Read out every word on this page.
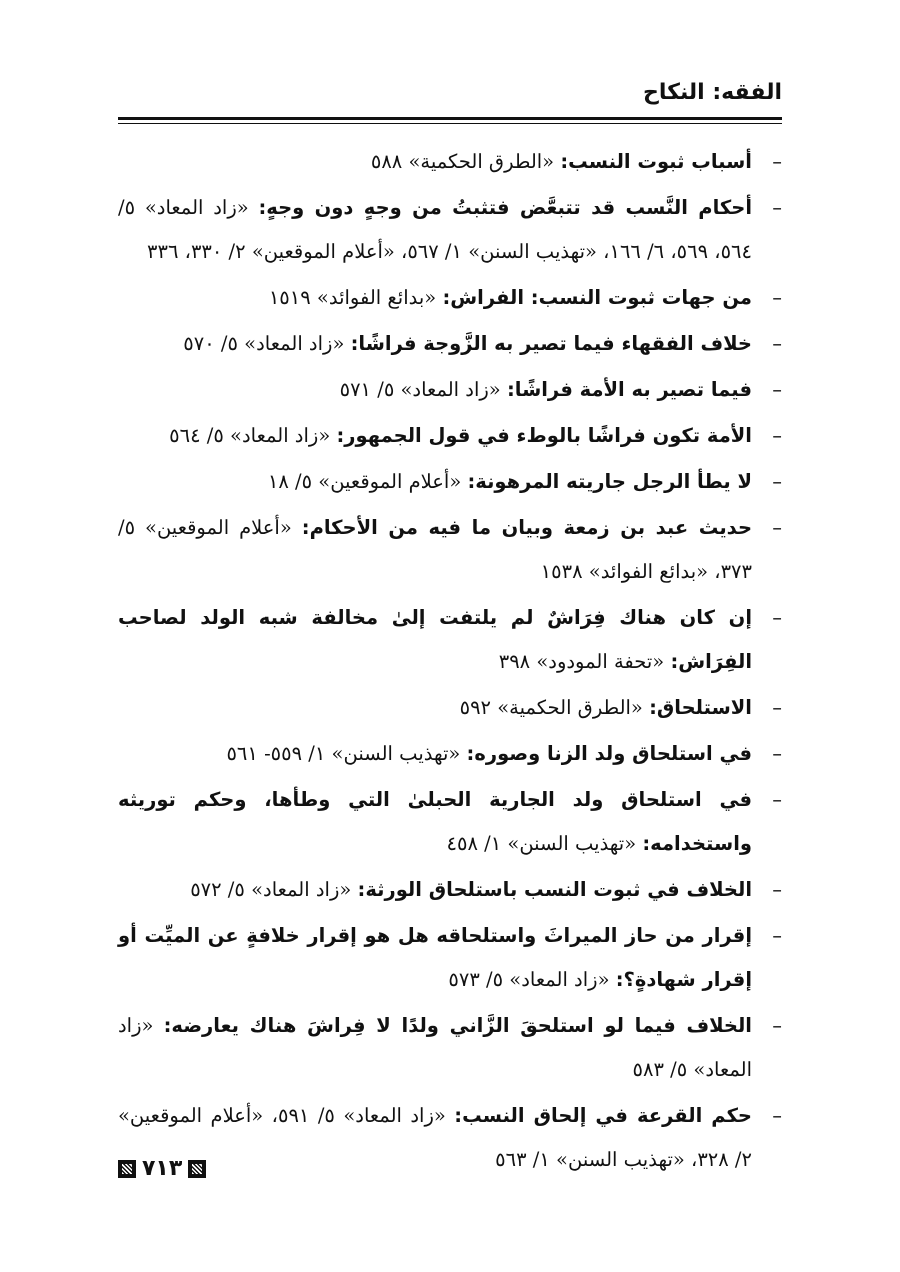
الفقه: النكاح
–
أسباب ثبوت النسب: «الطرق الحكمية» ٥٨٨
–
أحكام النَّسب قد تتبعَّض فتثبتُ من وجهٍ دون وجهٍ: «زاد المعاد» ٥/ ٥٦٤، ٥٦٩، ٦/ ١٦٦، «تهذيب السنن» ١/ ٥٦٧، «أعلام الموقعين» ٢/ ٣٣٠، ٣٣٦
–
من جهات ثبوت النسب: الفراش: «بدائع الفوائد» ١٥١٩
–
خلاف الفقهاء فيما تصير به الزَّوجة فراشًا: «زاد المعاد» ٥/ ٥٧٠
–
فيما تصير به الأمة فراشًا: «زاد المعاد» ٥/ ٥٧١
–
الأمة تكون فراشًا بالوطء في قول الجمهور: «زاد المعاد» ٥/ ٥٦٤
–
لا يطأ الرجل جاريته المرهونة: «أعلام الموقعين» ٥/ ١٨
–
حديث عبد بن زمعة وبيان ما فيه من الأحكام: «أعلام الموقعين» ٥/ ٣٧٣، «بدائع الفوائد» ١٥٣٨
–
إن كان هناك فِرَاشٌ لم يلتفت إلىٰ مخالفة شبه الولد لصاحب الفِرَاش: «تحفة المودود» ٣٩٨
–
الاستلحاق: «الطرق الحكمية» ٥٩٢
–
في استلحاق ولد الزنا وصوره: «تهذيب السنن» ١/ ٥٥٩- ٥٦١
–
في استلحاق ولد الجارية الحبلىٰ التي وطأها، وحكم توريثه واستخدامه: «تهذيب السنن» ١/ ٤٥٨
–
الخلاف في ثبوت النسب باستلحاق الورثة: «زاد المعاد» ٥/ ٥٧٢
–
إقرار من حاز الميراثَ واستلحاقه هل هو إقرار خلافةٍ عن الميِّت أو إقرار شهادةٍ؟: «زاد المعاد» ٥/ ٥٧٣
–
الخلاف فيما لو استلحقَ الزَّاني ولدًا لا فِراشَ هناك يعارضه: «زاد المعاد» ٥/ ٥٨٣
–
حكم القرعة في إلحاق النسب: «زاد المعاد» ٥/ ٥٩١، «أعلام الموقعين» ٢/ ٣٢٨، «تهذيب السنن» ١/ ٥٦٣
٧١٣
